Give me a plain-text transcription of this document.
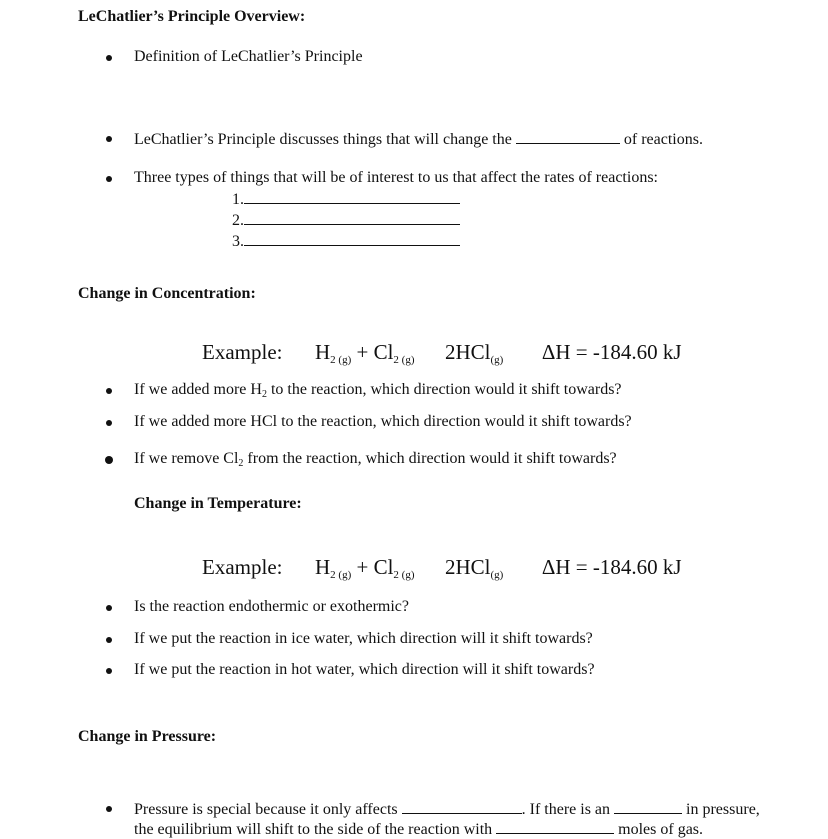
LeChatlier’s Principle Overview:
Definition of LeChatlier’s Principle
LeChatlier’s Principle discusses things that will change the	of reactions.
Three types of things that will be of interest to us that affect the rates of reactions:
1.
2.
3.
Change in Concentration:
Example: $H_{2 (g)} + Cl_{2 (g)}$ 2HCl$_{(g)}$ ΔH = -184.60 kJ
If we added more H2 to the reaction, which direction would it shift towards?
If we added more HCl to the reaction, which direction would it shift towards?
If we remove Cl2 from the reaction, which direction would it shift towards?
Change in Temperature:
Example: $H_{2 (g)} + Cl_{2 (g)}$ 2HCl$_{(g)}$ ΔH = -184.60 kJ
Is the reaction endothermic or exothermic?
If we put the reaction in ice water, which direction will it shift towards?
If we put the reaction in hot water, which direction will it shift towards?
Change in Pressure:
Pressure is special because it only affects	. If there is an	in pressure,
the equilibrium will shift to the side of the reaction with	moles of gas.
